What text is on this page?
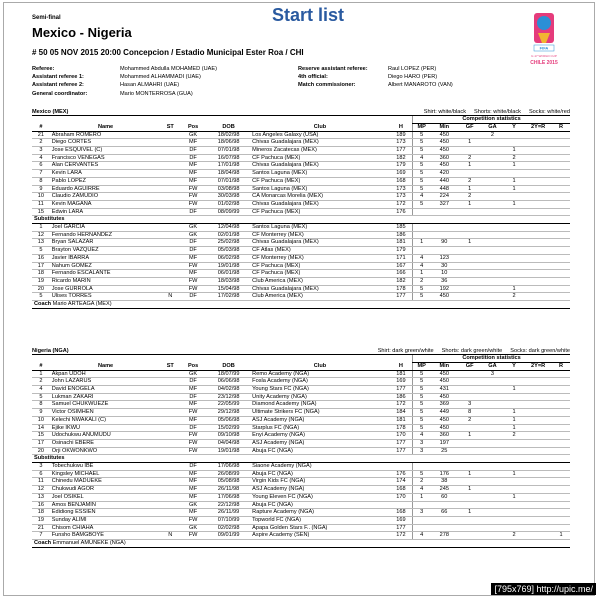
Semi-final	Start list
Mexico - Nigeria
# 50 05 NOV 2015 20:00 Concepcion / Estadio Municipal Ester Roa / CHI	FIFA
U-17 WORLD CUP
CHILE 2015
Referee:	Mohammed Abdulla MOHAMED (UAE)	Reserve assistant referee:	Raul LOPEZ (PER)
Assistant referee 1:	Mohammed ALHAMMADI (UAE)	4th official:	Diego HARO (PER)
Assistant referee 2:	Hasan ALMAHRI (UAE)	Match commissioner:	Albert MANAROTO (VAN)
General coordinator:	Mario MONTERROSA (GUA)
Mexico (MEX)	Shirt: white/black Shorts: white/black Socks: white/red
							Competition statistics						
#	Name	ST	Pos	DOB	Club	H	MP	Min	GF	GA	Y	2Y=R	R
21	Abraham ROMERO		GK	18/02/98	Los Angeles Galaxy (USA)	189	5	450		2			
2	Diego CORTES		MF	18/06/98	Chivas Guadalajara (MEX)	173	5	450	1				
3	Jose ESQUIVEL (C)		DF	07/01/98	Mineros Zacatecas (MEX)	177	5	450			1		
4	Francisco VENEGAS		DF	16/07/98	CF Pachuca (MEX)	182	4	360	2		2		
6	Alan CERVANTES		MF	17/01/98	Chivas Guadalajara (MEX)	179	5	450	1		1		
7	Kevin LARA		MF	18/04/98	Santos Laguna (MEX)	169	5	420					
8	Pablo LOPEZ		MF	07/01/98	CF Pachuca (MEX)	168	5	440	2		1		
9	Eduardo AGUIRRE		FW	03/08/98	Santos Laguna (MEX)	173	5	448	1		1		
10	Claudio ZAMUDIO		FW	30/03/98	CA Monarcas Morelia (MEX)	173	4	224	2				
11	Kevin MAGANA		FW	01/02/98	Chivas Guadalajara (MEX)	172	5	327	1		1		
15	Edwin LARA		DF	08/09/99	CF Pachuca (MEX)	176							
Substitutes													
1	Joel GARCIA		GK	12/04/98	Santos Laguna (MEX)	185							
12	Fernando HERNANDEZ		GK	02/01/98	CF Monterrey (MEX)	186							
13	Bryan SALAZAR		DF	25/02/98	Chivas Guadalajara (MEX)	181	1	90	1				
5	Brayton VAZQUEZ		DF	05/03/98	CF Atlas (MEX)	179							
16	Javier IBARRA		MF	06/02/98	CF Monterrey (MEX)	171	4	123					
17	Nahum GOMEZ		FW	19/01/98	CF Pachuca (MEX)	167	4	30					
18	Fernando ESCALANTE		MF	06/01/98	CF Pachuca (MEX)	166	1	10					
19	Ricardo MARIN		FW	18/03/98	Club America (MEX)	182	2	36					
20	Jose GURROLA		FW	15/04/98	Chivas Guadalajara (MEX)	178	5	192			1		
5	Ulises TORRES	N	DF	17/02/98	Club America (MEX)	177	5	450			2		
Coach Mario ARTEAGA (MEX)													
Nigeria (NGA)	Shirt: dark green/white Shorts: dark green/white Socks: dark green/white
							Competition statistics						
#	Name	ST	Pos	DOB	Club	H	MP	Min	GF	GA	Y	2Y=R	R
1	Akpan UDOH		GK	18/07/99	Remo Academy (NGA)	181	5	450		3			
2	John LAZARUS		DF	06/06/98	Fosla Academy (NGA)	169	5	450					
4	David ENOGELA		MF	04/02/98	Young Stars FC (NGA)	177	5	431			1		
5	Lukman ZAKARI		DF	23/12/98	Unity Academy (NGA)	186	5	450					
8	Samuel CHUKWUEZE		MF	22/05/99	Diamond Academy (NGA)	172	5	369	3				
9	Victor OSIMHEN		FW	29/12/98	Ultimate Strikers FC (NGA)	184	5	449	8		1		
10	Kelechi NWAKALI (C)		MF	05/06/98	ASJ Academy (NGA)	181	5	450	2		1		
14	Ejike IKWU		DF	15/02/99	Starplus FC (NGA)	178	5	450			1		
15	Udochukwu ANUMUDU		FW	09/10/98	Enyi Academy (NGA)	170	4	360	1		2		
17	Osinachi EBERE		FW	04/04/98	ASJ Academy (NGA)	177	3	197					
20	Orji OKWONKWO		FW	19/01/98	Abuja FC (NGA)	177	3	25					
Substitutes													
3	Tobechukwu IBE		DF	17/06/98	Siaone Academy (NGA)								
6	Kingsley MICHAEL		MF	26/08/99	Abuja FC (NGA)	176	5	176	1		1		
11	Chinedu MADUEKE		MF	05/08/98	Virgin Kids FC (NGA)	174	2	38					
12	Chukwudi AGOR		MF	26/11/98	ASJ Academy (NGA)	168	4	245	1				
13	Joel OSIKEL		MF	17/06/98	Young Eleven FC (NGA)	170	1	60			1		
16	Amos BENJAMIN		GK	22/12/98	Abuja FC (NGA)								
18	Edidiong ESSIEN		MF	26/11/99	Rapture Academy (NGA)	168	3	66	1				
19	Sunday ALIMI		FW	07/10/99	Topworld FC (NGA)	169							
21	Chisom CHIAHA		GK	02/02/98	Apapa Golden Stars F.. (NGA)	177							
7	Funsho BAMGBOYE	N	FW	09/01/99	Aspire Academy (SEN)	172	4	278			2		1
Coach Emmanuel AMUNEKE (NGA)													
[795x769] http://upic.me/
